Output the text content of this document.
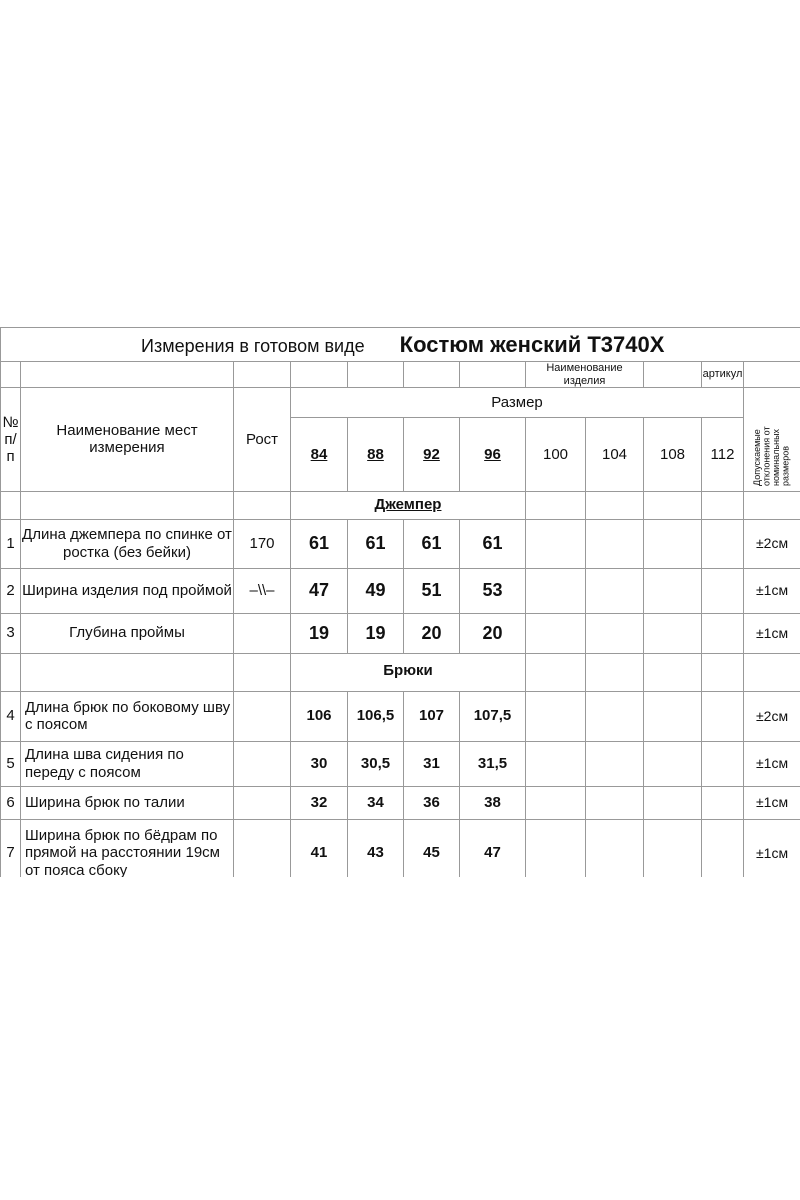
Измерения в готовом виде Костюм женский Т3740Х											
							Наименование изделия			артикул	
№ п/п	Наименование мест измерения	Рост	Размер								Допускаемые отклонения от номинальных размеров
			84	88	92	96	100	104	108	112	
			Джемпер								
1	Длина джемпера по спинке от ростка (без бейки)	170	61	61	61	61					±2см
2	Ширина изделия под проймой	–\\–	47	49	51	53					±1см
3	Глубина проймы		19	19	20	20					±1см
			Брюки								
4	Длина брюк по боковому шву с поясом		106	106,5	107	107,5					±2см
5	Длина шва сидения по переду с поясом		30	30,5	31	31,5					±1см
6	Ширина брюк по талии		32	34	36	38					±1см
7	Ширина брюк по бёдрам по прямой на расстоянии 19см от пояса сбоку		41	43	45	47					±1см
